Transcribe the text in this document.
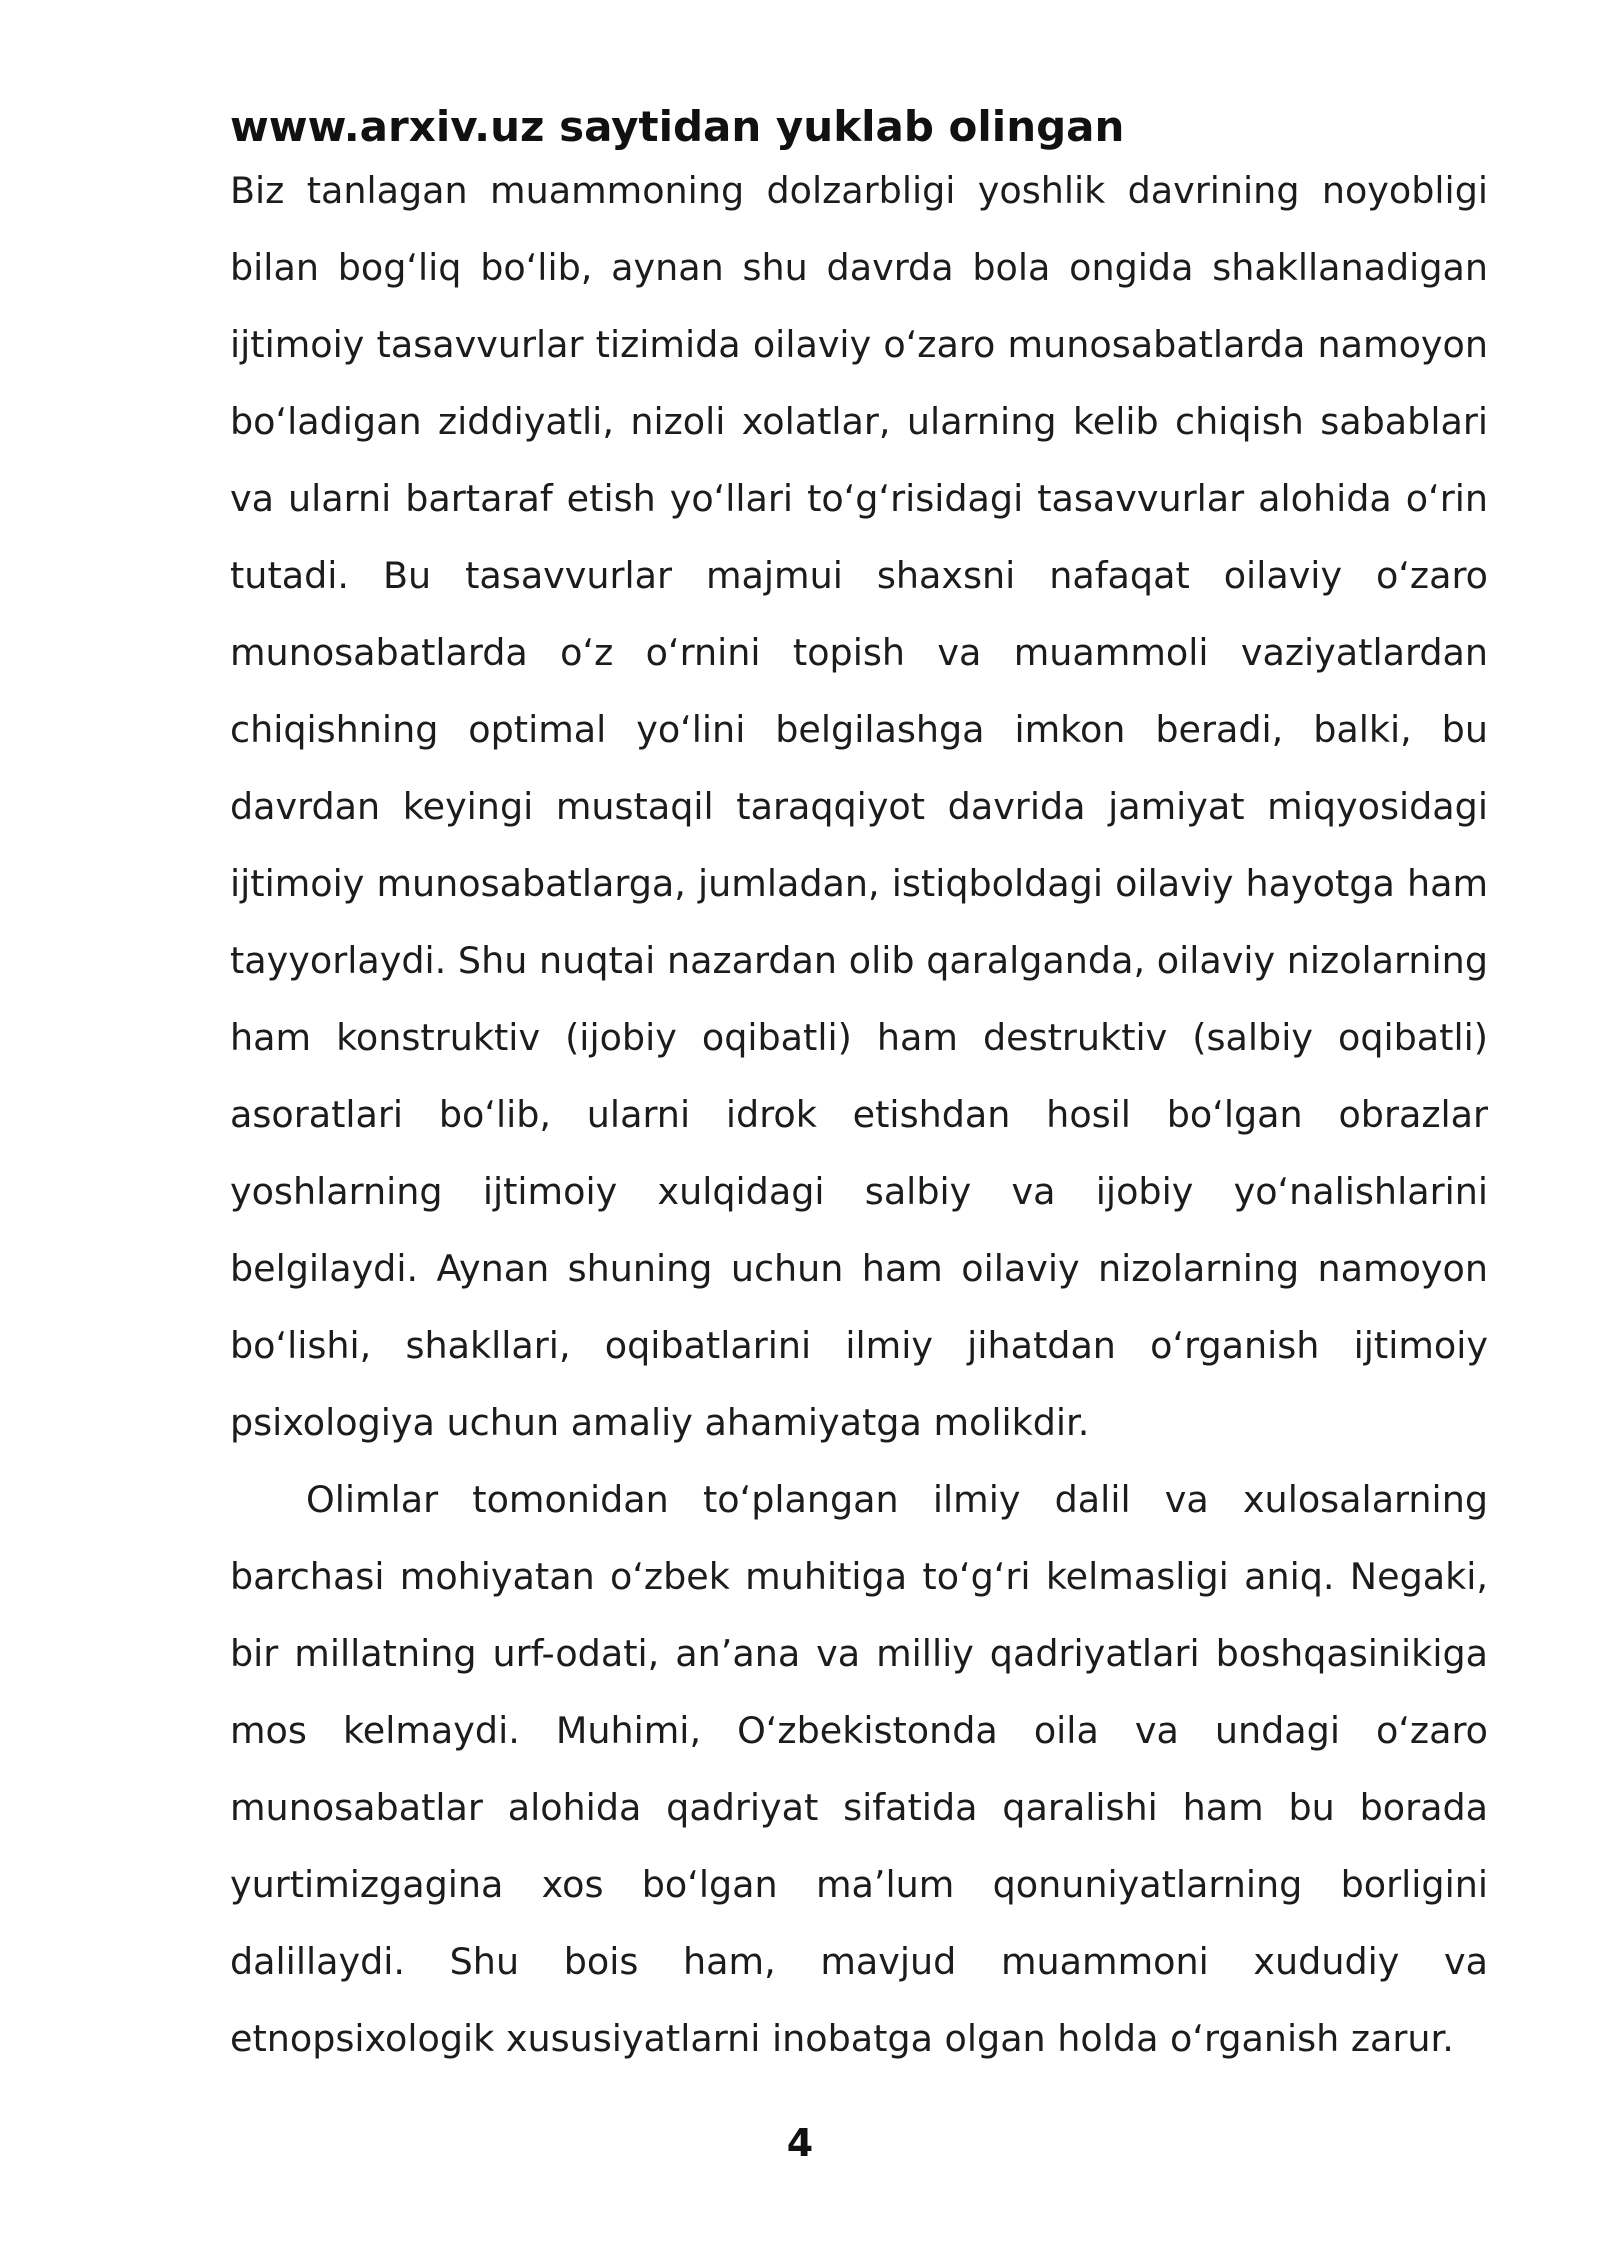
www.arxiv.uz saytidan yuklab olingan

Biz tanlagan muammoning dolzarbligi yoshlik davrining noyobligi bilan bog‘liq bo‘lib, aynan shu davrda bola ongida shakllanadigan ijtimoiy tasavvurlar tizimida oilaviy o‘zaro munosabatlarda namoyon bo‘ladigan ziddiyatli, nizoli xolatlar, ularning kelib chiqish sabablari va ularni bartaraf etish yo‘llari to‘g‘risidagi tasavvurlar alohida o‘rin tutadi. Bu tasavvurlar majmui shaxsni nafaqat oilaviy o‘zaro munosabatlarda o‘z o‘rnini topish va muammoli vaziyatlardan chiqishning optimal yo‘lini belgilashga imkon beradi, balki, bu davrdan keyingi mustaqil taraqqiyot davrida jamiyat miqyosidagi ijtimoiy munosabatlarga, jumladan, istiqboldagi oilaviy hayotga ham tayyorlaydi. Shu nuqtai nazardan olib qaralganda, oilaviy nizolarning ham konstruktiv (ijobiy oqibatli) ham destruktiv (salbiy oqibatli) asoratlari bo‘lib, ularni idrok etishdan hosil bo‘lgan obrazlar yoshlarning ijtimoiy xulqidagi salbiy va ijobiy yo‘nalishlarini belgilaydi. Aynan shuning uchun ham oilaviy nizolarning namoyon bo‘lishi, shakllari, oqibatlarini ilmiy jihatdan o‘rganish ijtimoiy psixologiya uchun amaliy ahamiyatga molikdir.

Olimlar tomonidan to‘plangan ilmiy dalil va xulosalarning barchasi mohiyatan o‘zbek muhitiga to‘g‘ri kelmasligi aniq. Negaki, bir millatning urf-odati, an’ana va milliy qadriyatlari boshqasinikiga mos kelmaydi. Muhimi, O‘zbekistonda oila va undagi o‘zaro munosabatlar alohida qadriyat sifatida qaralishi ham bu borada yurtimizgagina xos bo‘lgan ma’lum qonuniyatlarning borligini dalillaydi. Shu bois ham, mavjud muammoni xududiy va etnopsixologik xususiyatlarni inobatga olgan holda o‘rganish zarur.

4
